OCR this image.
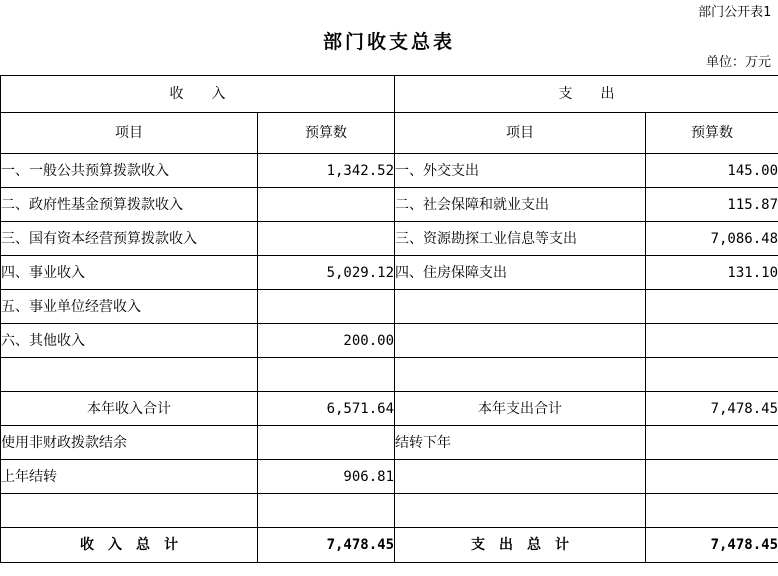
部门公开表1
部门收支总表
单位：万元
收　　入		支　　出	
项目	预算数	项目	预算数
一、一般公共预算拨款收入	1,342.52	一、外交支出	145.00
二、政府性基金预算拨款收入		二、社会保障和就业支出	115.87
三、国有资本经营预算拨款收入		三、资源勘探工业信息等支出	7,086.48
四、事业收入	5,029.12	四、住房保障支出	131.10
五、事业单位经营收入			
六、其他收入	200.00		

本年收入合计	6,571.64	本年支出合计	7,478.45
使用非财政拨款结余		结转下年	
上年结转	906.81		

收　入　总　计	7,478.45	支　出　总　计	7,478.45
